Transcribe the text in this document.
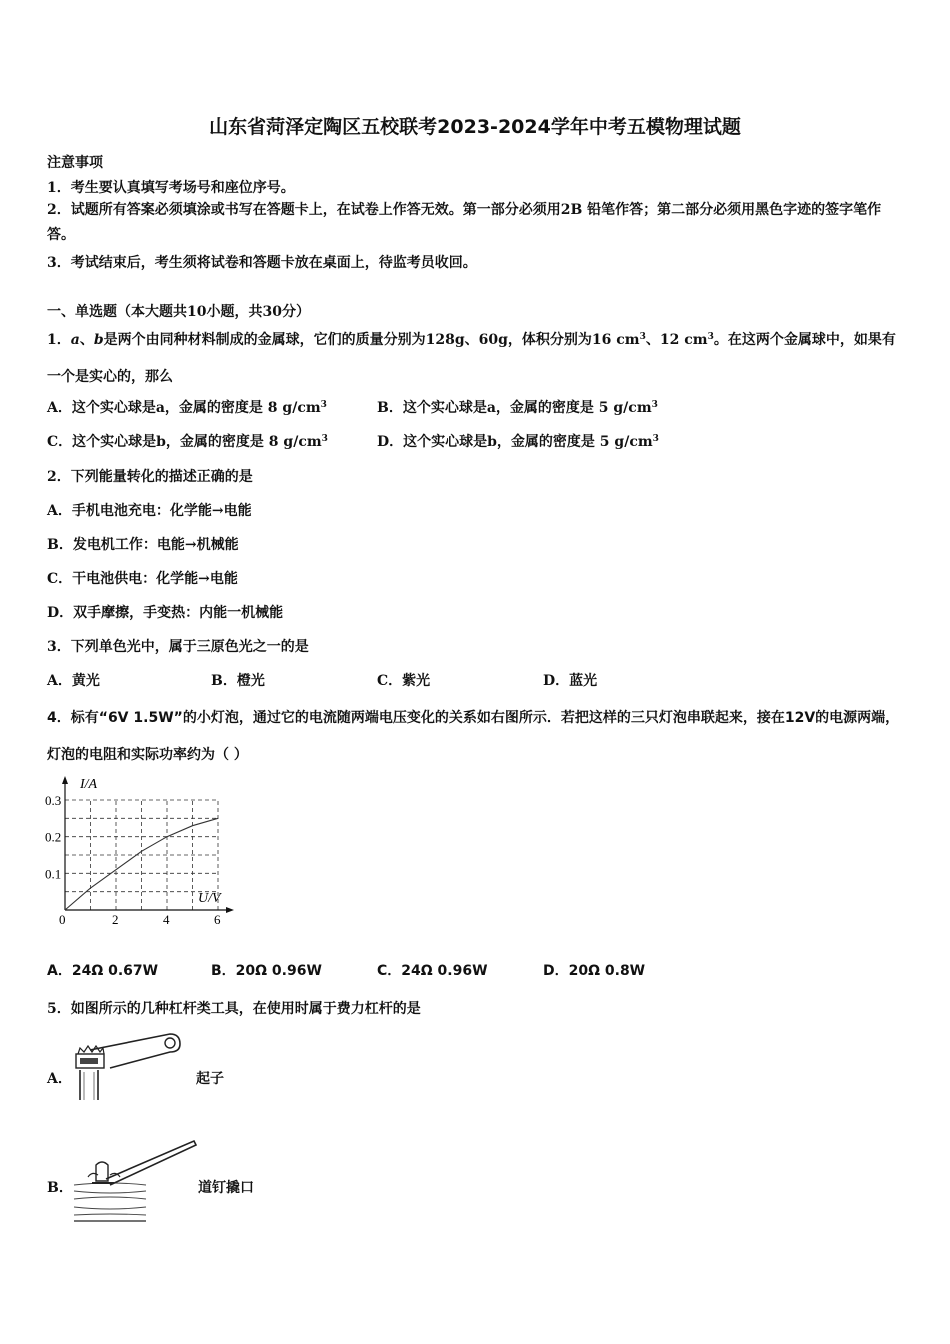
山东省菏泽定陶区五校联考2023-2024学年中考五模物理试题
注意事项
1．考生要认真填写考场号和座位序号。
2．试题所有答案必须填涂或书写在答题卡上，在试卷上作答无效。第一部分必须用2B 铅笔作答；第二部分必须用黑色字迹的签字笔作答。
3．考试结束后，考生须将试卷和答题卡放在桌面上，待监考员收回。
一、单选题（本大题共10小题，共30分）
1．a、b是两个由同种材料制成的金属球，它们的质量分别为128g、60g，体积分别为16 $cm^3$、12 $cm^3$。在这两个金属球中，如果有一个是实心的，那么
A．这个实心球是a，金属的密度是 8 $g/cm^3$	B．这个实心球是a，金属的密度是 5 $g/cm^3$
C．这个实心球是b，金属的密度是 8 $g/cm^3$	D．这个实心球是b，金属的密度是 5 $g/cm^3$
2．下列能量转化的描述正确的是
A．手机电池充电：化学能→电能
B．发电机工作：电能→机械能
C．干电池供电：化学能→电能
D．双手摩擦，手变热：内能一机械能
3．下列单色光中，属于三原色光之一的是
A．黄光	B．橙光	C．紫光	D．蓝光
4．标有“6V 1.5W”的小灯泡，通过它的电流随两端电压变化的关系如右图所示．若把这样的三只灯泡串联起来，接在12V的电源两端，灯泡的电阻和实际功率约为（ ）
I/A
U/V
0	2	4	6
0.1
0.2
0.3
A．24Ω 0.67W	B．20Ω 0.96W	C．24Ω 0.96W	D．20Ω 0.8W
5．如图所示的几种杠杆类工具，在使用时属于费力杠杆的是
A．	起子
B．	道钉撬口
